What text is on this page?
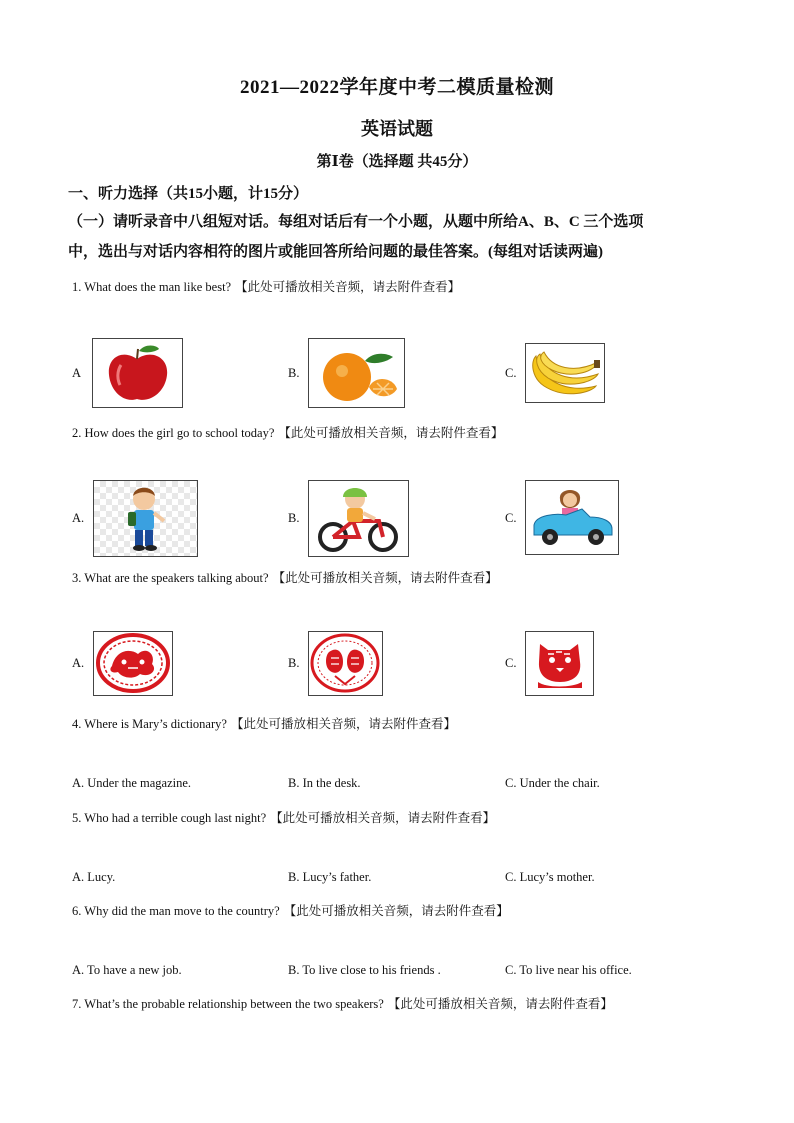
2021—2022学年度中考二模质量检测
英语试题
第Ⅰ卷（选择题 共45分）
一、听力选择（共15小题，计15分）
（一）请听录音中八组短对话。每组对话后有一个小题，从题中所给A、B、C 三个选项
中，选出与对话内容相符的图片或能回答所给问题的最佳答案。(每组对话读两遍)
1. What does the man like best? 【此处可播放相关音频，请去附件查看】
A	B.	C.
2. How does the girl go to school today? 【此处可播放相关音频，请去附件查看】
A.	B.	C.
3. What are the speakers talking about? 【此处可播放相关音频，请去附件查看】
A.	B.	C.
4. Where is Mary’s dictionary? 【此处可播放相关音频，请去附件查看】
A. Under the magazine.	B. In the desk.	C. Under the chair.
5. Who had a terrible cough last night? 【此处可播放相关音频，请去附件查看】
A. Lucy.	B. Lucy’s father.	C. Lucy’s mother.
6. Why did the man move to the country? 【此处可播放相关音频，请去附件查看】
A. To have a new job.	B. To live close to his friends .	C. To live near his office.
7. What’s the probable relationship between the two speakers? 【此处可播放相关音频，请去附件查看】
